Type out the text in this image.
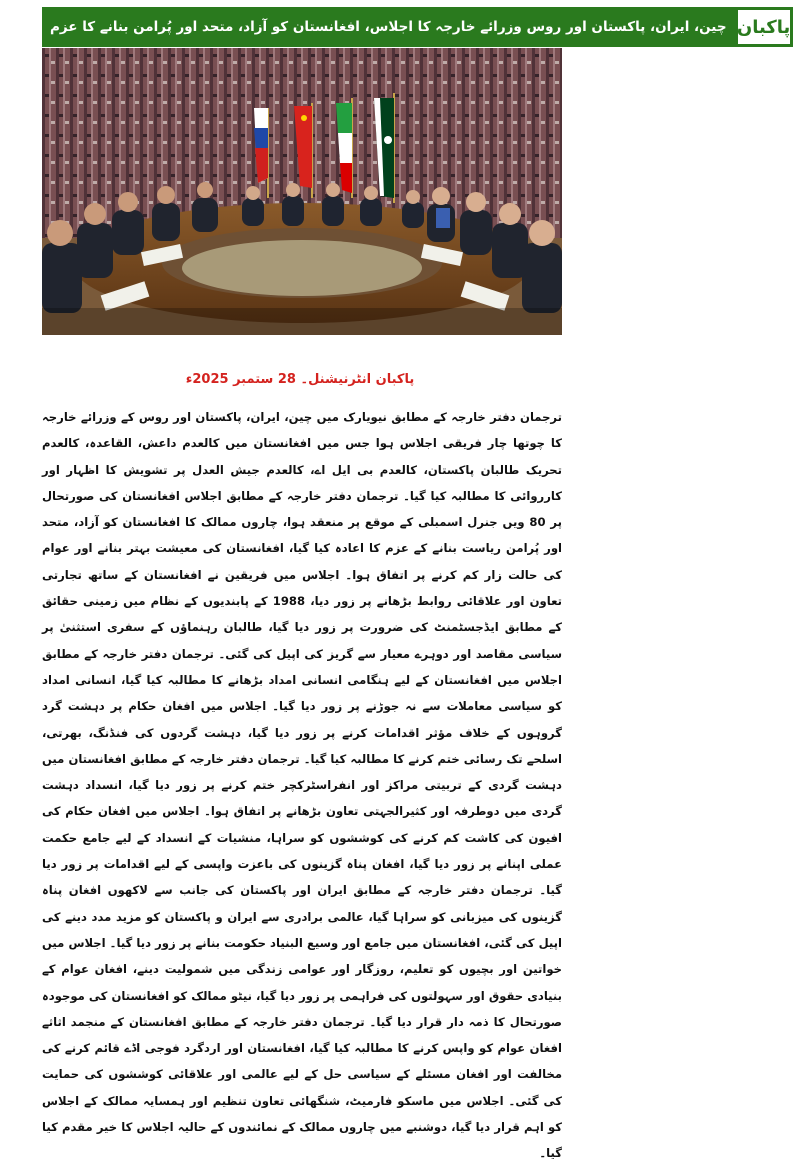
چین، ایران، پاکستان اور روس وزرائے خارجہ کا اجلاس، افغانستان کو آزاد، متحد اور پُرامن بنانے کا عزم پاکبان
پاکبان انٹرنیشنل۔ 28 ستمبر 2025ء
ترجمان دفتر خارجہ کے مطابق نیویارک میں چین، ایران، پاکستان اور روس کے وزرائے خارجہ کا چوتھا چار فریقی اجلاس ہوا جس میں افغانستان میں کالعدم داعش، القاعدہ، کالعدم تحریک طالبان پاکستان، کالعدم بی ایل اے، کالعدم جیش العدل پر تشویش کا اظہار اور کارروائی کا مطالبہ کیا گیا۔ ترجمان دفتر خارجہ کے مطابق اجلاس افغانستان کی صورتحال پر 80 ویں جنرل اسمبلی کے موقع پر منعقد ہوا، چاروں ممالک کا افغانستان کو آزاد، متحد اور پُرامن ریاست بنانے کے عزم کا اعادہ کیا گیا، افغانستان کی معیشت بہتر بنانے اور عوام کی حالت زار کم کرنے پر اتفاق ہوا۔ اجلاس میں فریقین نے افغانستان کے ساتھ تجارتی تعاون اور علاقائی روابط بڑھانے پر زور دیا، 1988 کے پابندیوں کے نظام میں زمینی حقائق کے مطابق ایڈجسٹمنٹ کی ضرورت پر زور دیا گیا، طالبان رہنماؤں کے سفری استثنیٰ پر سیاسی مقاصد اور دوہرے معیار سے گریز کی اپیل کی گئی۔ ترجمان دفتر خارجہ کے مطابق اجلاس میں افغانستان کے لیے ہنگامی انسانی امداد بڑھانے کا مطالبہ کیا گیا، انسانی امداد کو سیاسی معاملات سے نہ جوڑنے پر زور دیا گیا۔ اجلاس میں افغان حکام پر دہشت گرد گروہوں کے خلاف مؤثر اقدامات کرنے پر زور دیا گیا، دہشت گردوں کی فنڈنگ، بھرتی، اسلحے تک رسائی ختم کرنے کا مطالبہ کیا گیا۔ ترجمان دفتر خارجہ کے مطابق افغانستان میں دہشت گردی کے تربیتی مراکز اور انفراسٹرکچر ختم کرنے پر زور دیا گیا، انسداد دہشت گردی میں دوطرفہ اور کثیرالجہتی تعاون بڑھانے پر اتفاق ہوا۔ اجلاس میں افغان حکام کی افیون کی کاشت کم کرنے کی کوششوں کو سراہا، منشیات کے انسداد کے لیے جامع حکمت عملی اپنانے پر زور دیا گیا، افغان پناہ گزینوں کی باعزت واپسی کے لیے اقدامات پر زور دیا گیا۔ ترجمان دفتر خارجہ کے مطابق ایران اور پاکستان کی جانب سے لاکھوں افغان پناہ گزینوں کی میزبانی کو سراہا گیا، عالمی برادری سے ایران و پاکستان کو مزید مدد دینے کی اپیل کی گئی، افغانستان میں جامع اور وسیع البنیاد حکومت بنانے پر زور دیا گیا۔ اجلاس میں خواتین اور بچیوں کو تعلیم، روزگار اور عوامی زندگی میں شمولیت دینے، افغان عوام کے بنیادی حقوق اور سہولتوں کی فراہمی پر زور دیا گیا، نیٹو ممالک کو افغانستان کی موجودہ صورتحال کا ذمہ دار قرار دیا گیا۔ ترجمان دفتر خارجہ کے مطابق افغانستان کے منجمد اثاثے افغان عوام کو واپس کرنے کا مطالبہ کیا گیا، افغانستان اور اردگرد فوجی اڈے قائم کرنے کی مخالفت اور افغان مسئلے کے سیاسی حل کے لیے عالمی اور علاقائی کوششوں کی حمایت کی گئی۔ اجلاس میں ماسکو فارمیٹ، شنگھائی تعاون تنظیم اور ہمسایہ ممالک کے اجلاس کو اہم قرار دیا گیا، دوشنبے میں چاروں ممالک کے نمائندوں کے حالیہ اجلاس کا خیر مقدم کیا گیا۔
